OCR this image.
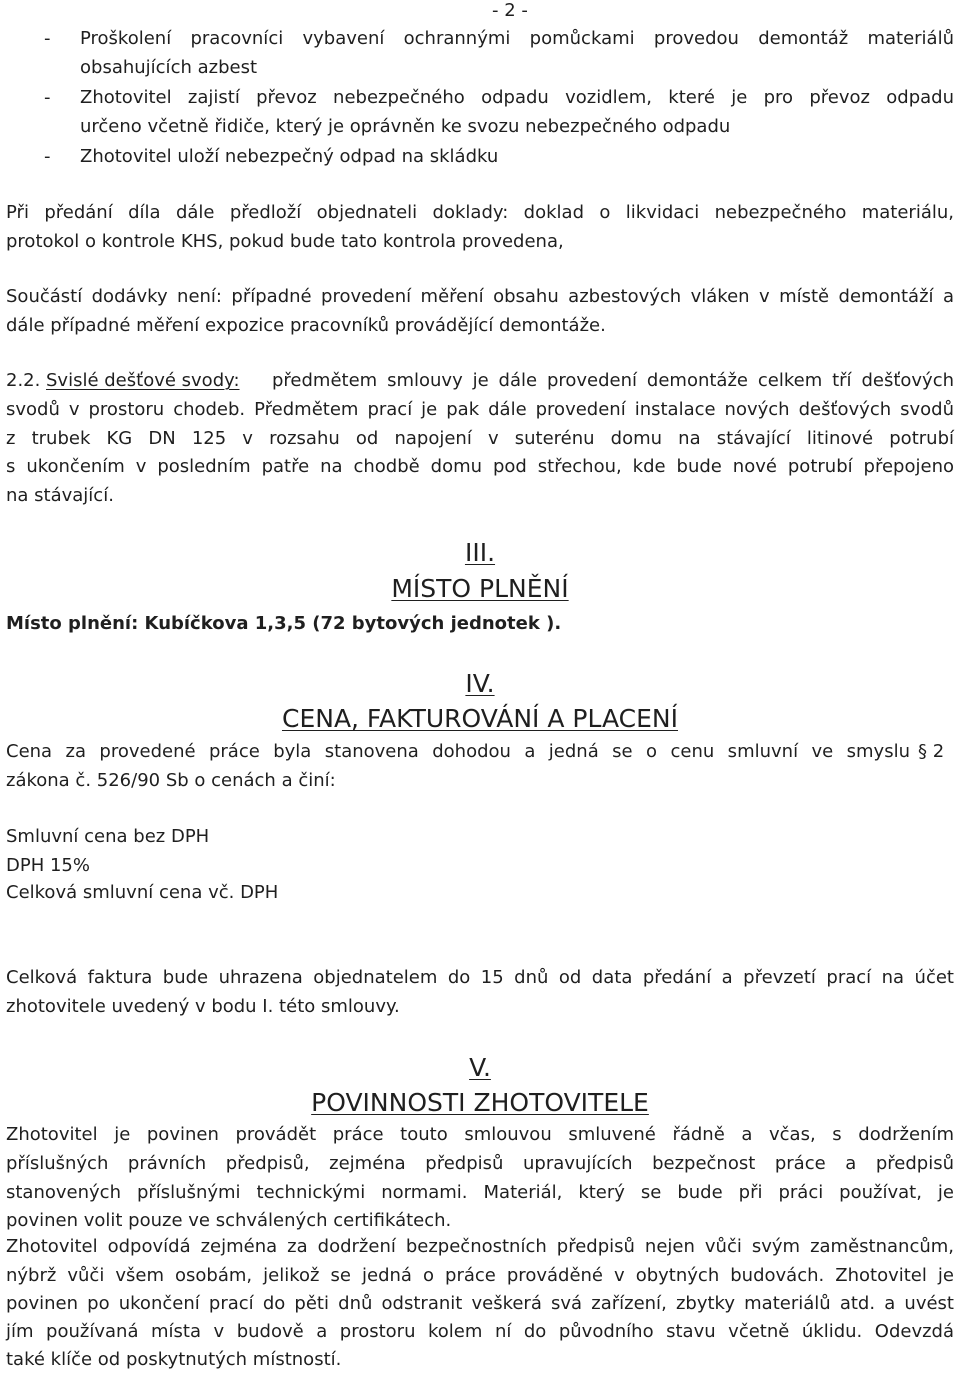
- 2 -

- Proškolení pracovníci vybavení ochrannými pomůckami provedou demontáž materiálů

obsahujících azbest

- Zhotovitel zajistí převoz nebezpečného odpadu vozidlem, které je pro převoz odpadu

určeno včetně řidiče, který je oprávněn ke svozu nebezpečného odpadu

- Zhotovitel uloží nebezpečný odpad na skládku

Při předání díla dále předloží objednateli doklady: doklad o likvidaci nebezpečného materiálu,

protokol o kontrole KHS, pokud bude tato kontrola provedena,

Součástí dodávky není: případné provedení měření obsahu azbestových vláken v místě demontáží a

dále případné měření expozice pracovníků provádějící demontáže.

2.2. Svislé dešťové svody: předmětem smlouvy je dále provedení demontáže celkem tří dešťových

svodů v prostoru chodeb. Předmětem prací je pak dále provedení instalace nových dešťových svodů

z trubek KG DN 125 v rozsahu od napojení v suterénu domu na stávající litinové potrubí

s ukončením v posledním patře na chodbě domu pod střechou, kde bude nové potrubí přepojeno

na stávající.

III.

MÍSTO PLNĚNÍ

Místo plnění: Kubíčkova 1,3,5 (72 bytových jednotek ).

IV.

CENA, FAKTUROVÁNÍ A PLACENÍ

Cena za provedené práce byla stanovena dohodou a jedná se o cenu smluvní ve smyslu § 2

zákona č. 526/90 Sb o cenách a činí:

Smluvní cena bez DPH

DPH 15%

Celková smluvní cena vč. DPH

Celková faktura bude uhrazena objednatelem do 15 dnů od data předání a převzetí prací na účet

zhotovitele uvedený v bodu I. této smlouvy.

V.

POVINNOSTI ZHOTOVITELE

Zhotovitel je povinen provádět práce touto smlouvou smluvené řádně a včas, s dodržením

příslušných právních předpisů, zejména předpisů upravujících bezpečnost práce a předpisů

stanovených příslušnými technickými normami. Materiál, který se bude při práci používat, je

povinen volit pouze ve schválených certifikátech.

Zhotovitel odpovídá zejména za dodržení bezpečnostních předpisů nejen vůči svým zaměstnancům,

nýbrž vůči všem osobám, jelikož se jedná o práce prováděné v obytných budovách. Zhotovitel je

povinen po ukončení prací do pěti dnů odstranit veškerá svá zařízení, zbytky materiálů atd. a uvést

jím používaná místa v budově a prostoru kolem ní do původního stavu včetně úklidu. Odevzdá

také klíče od poskytnutých místností.
